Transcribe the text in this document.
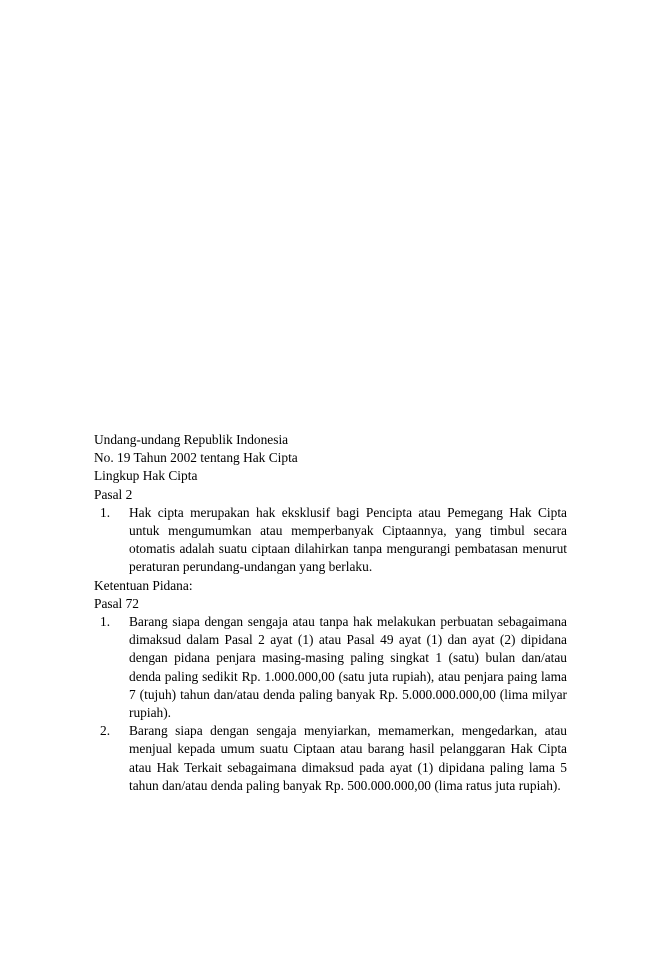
Undang-undang Republik Indonesia
No. 19 Tahun 2002 tentang Hak Cipta
Lingkup Hak Cipta
Pasal 2
1. Hak cipta merupakan hak eksklusif bagi Pencipta atau Pemegang Hak Cipta untuk mengumumkan atau memperbanyak Ciptaannya, yang timbul secara otomatis adalah suatu ciptaan dilahirkan tanpa mengurangi pembatasan menurut peraturan perundang-undangan yang berlaku.
Ketentuan Pidana:
Pasal 72
1. Barang siapa dengan sengaja atau tanpa hak melakukan perbuatan sebagaimana dimaksud dalam Pasal 2 ayat (1) atau Pasal 49 ayat (1) dan ayat (2) dipidana dengan pidana penjara masing-masing paling singkat 1 (satu) bulan dan/atau denda paling sedikit Rp. 1.000.000,00 (satu juta rupiah), atau penjara paing lama 7 (tujuh) tahun dan/atau denda paling banyak Rp. 5.000.000.000,00 (lima milyar rupiah).
2. Barang siapa dengan sengaja menyiarkan, memamerkan, mengedarkan, atau menjual kepada umum suatu Ciptaan atau barang hasil pelanggaran Hak Cipta atau Hak Terkait sebagaimana dimaksud pada ayat (1) dipidana paling lama 5 tahun dan/atau denda paling banyak Rp. 500.000.000,00 (lima ratus juta rupiah).
